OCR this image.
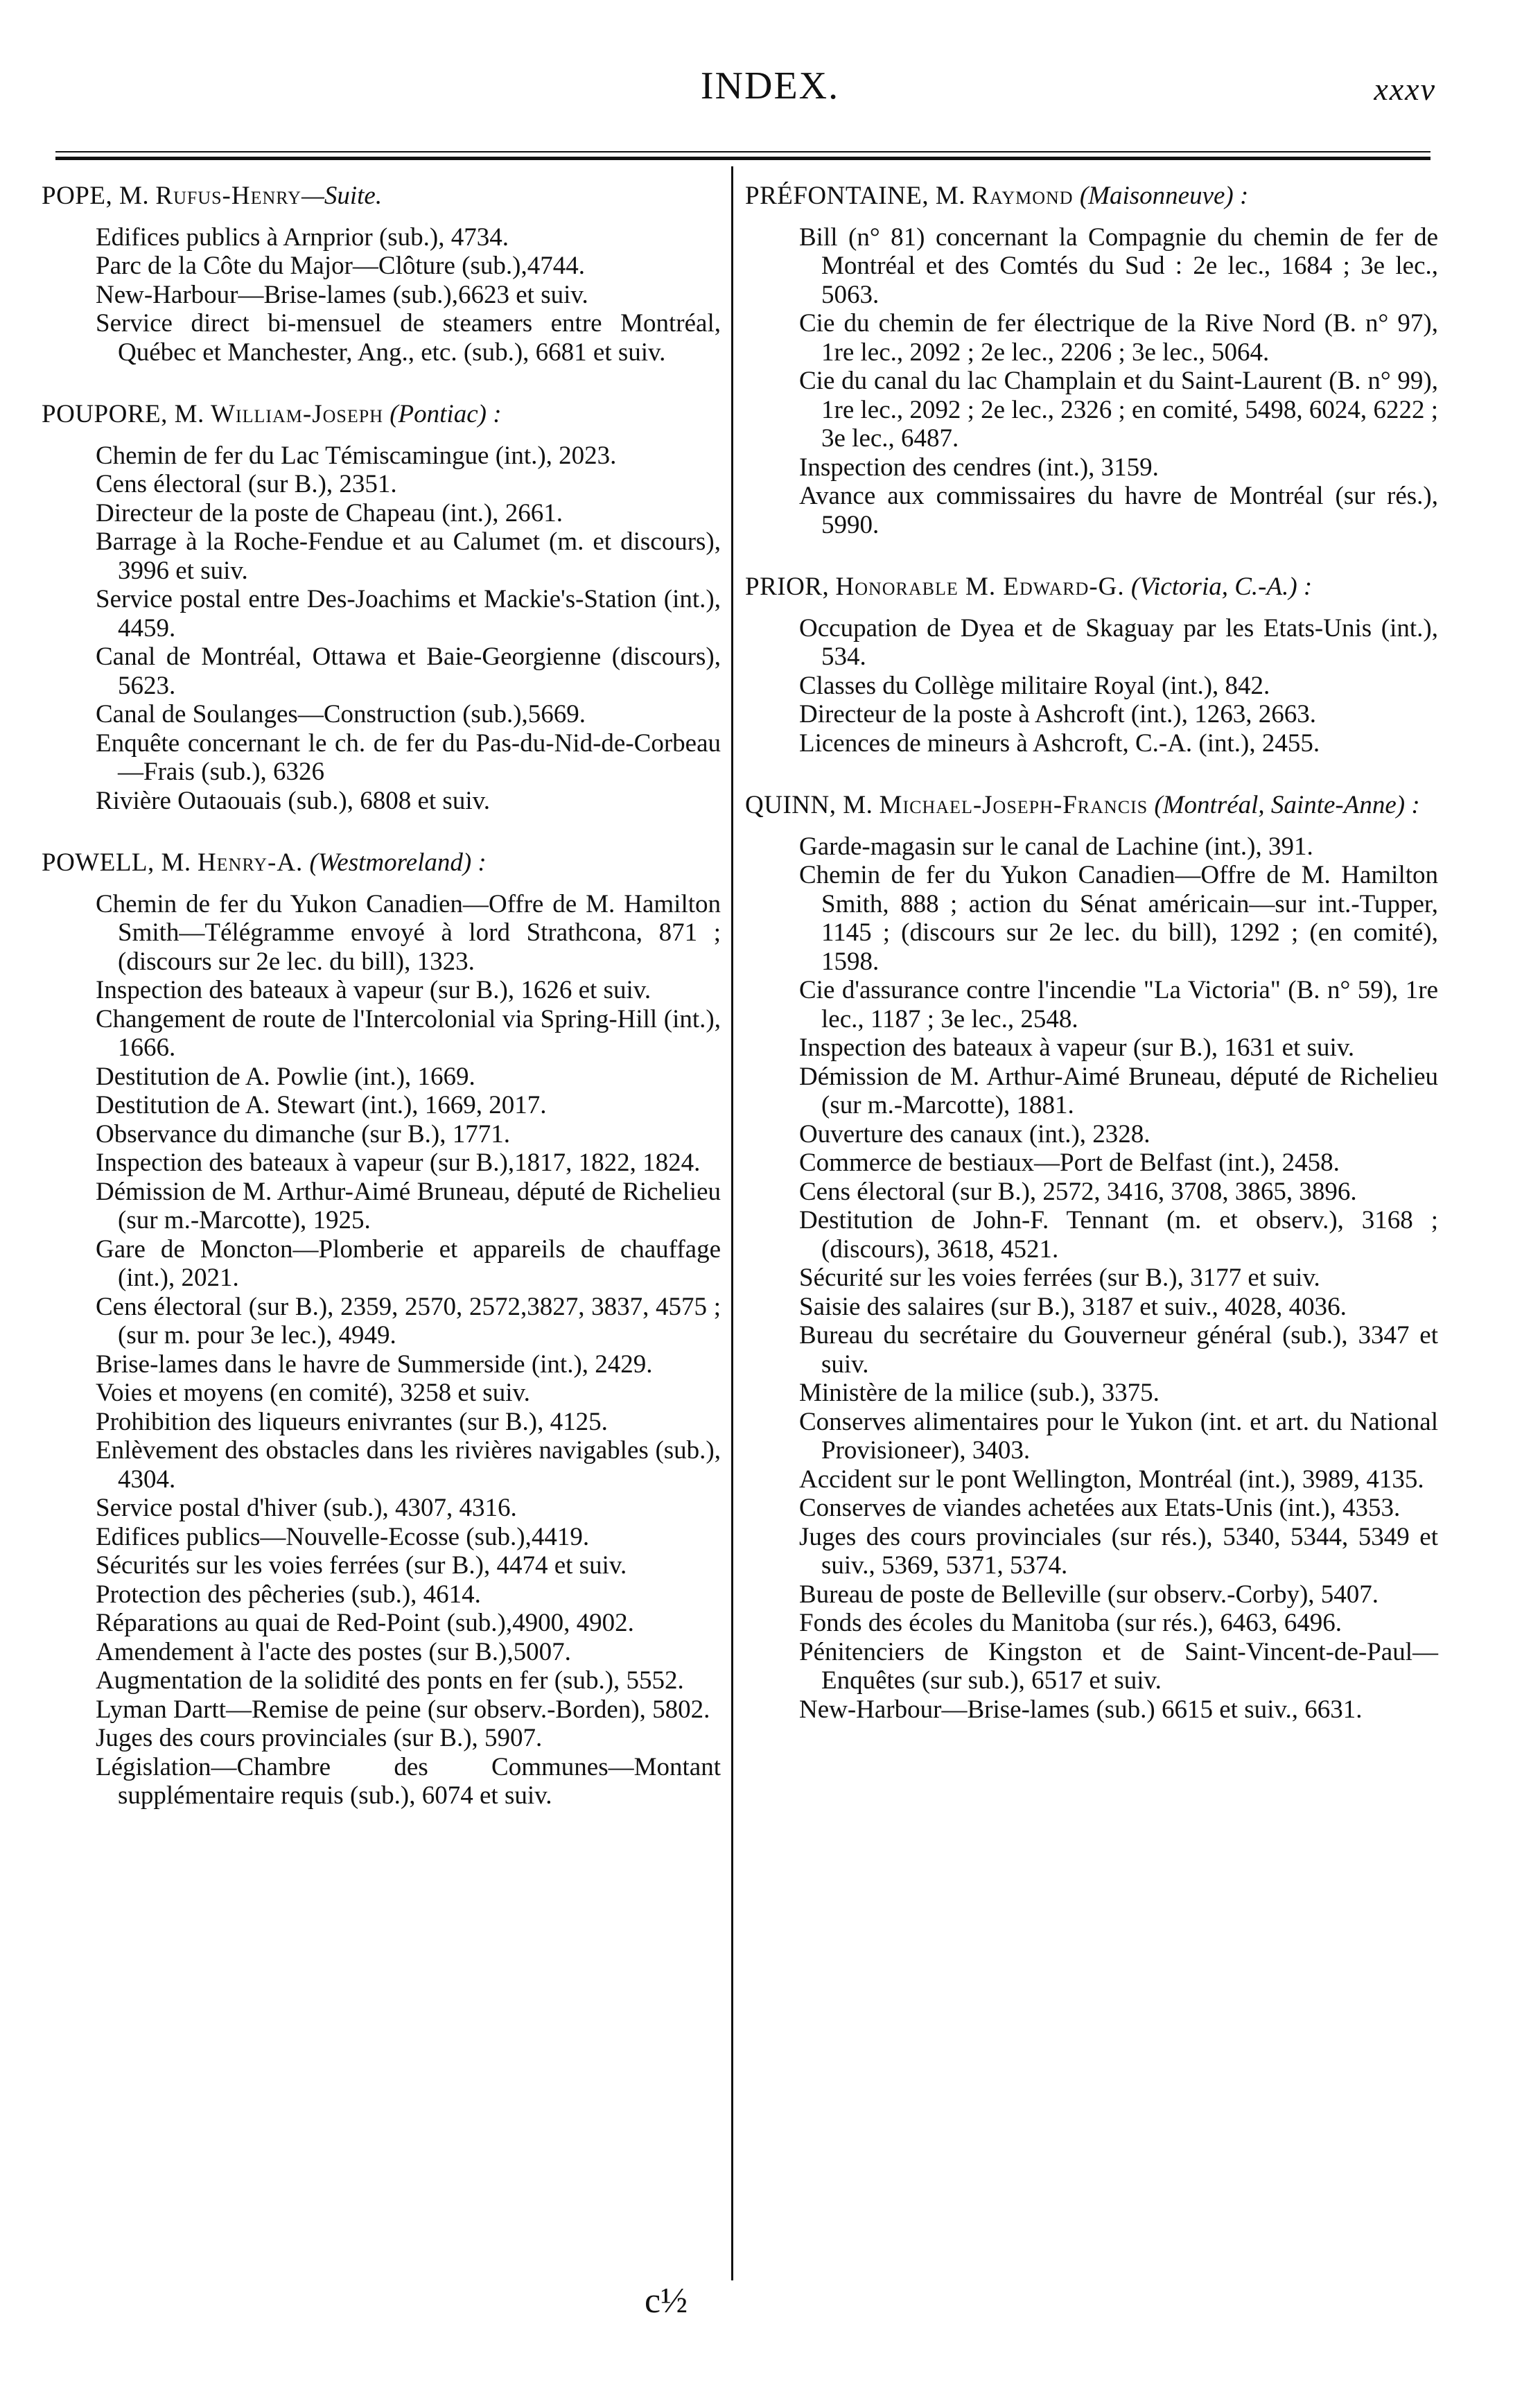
INDEX.	xxxv
POPE, M. Rufus-Henry—Suite.
Edifices publics à Arnprior (sub.), 4734.
Parc de la Côte du Major—Clôture (sub.),4744.
New-Harbour—Brise-lames (sub.),6623 et suiv.
Service direct bi-mensuel de steamers entre Montréal, Québec et Manchester, Ang., etc. (sub.), 6681 et suiv.
POUPORE, M. William-Joseph (Pontiac) :
Chemin de fer du Lac Témiscamingue (int.), 2023.
Cens électoral (sur B.), 2351.
Directeur de la poste de Chapeau (int.), 2661.
Barrage à la Roche-Fendue et au Calumet (m. et discours), 3996 et suiv.
Service postal entre Des-Joachims et Mackie's-Station (int.), 4459.
Canal de Montréal, Ottawa et Baie-Georgienne (discours), 5623.
Canal de Soulanges—Construction (sub.),5669.
Enquête concernant le ch. de fer du Pas-du-Nid-de-Corbeau—Frais (sub.), 6326
Rivière Outaouais (sub.), 6808 et suiv.
POWELL, M. Henry-A. (Westmoreland) :
Chemin de fer du Yukon Canadien—Offre de M. Hamilton Smith—Télégramme envoyé à lord Strathcona, 871 ; (discours sur 2e lec. du bill), 1323.
Inspection des bateaux à vapeur (sur B.), 1626 et suiv.
Changement de route de l'Intercolonial via Spring-Hill (int.), 1666.
Destitution de A. Powlie (int.), 1669.
Destitution de A. Stewart (int.), 1669, 2017.
Observance du dimanche (sur B.), 1771.
Inspection des bateaux à vapeur (sur B.),1817, 1822, 1824.
Démission de M. Arthur-Aimé Bruneau, député de Richelieu (sur m.-Marcotte), 1925.
Gare de Moncton—Plomberie et appareils de chauffage (int.), 2021.
Cens électoral (sur B.), 2359, 2570, 2572,3827, 3837, 4575 ; (sur m. pour 3e lec.), 4949.
Brise-lames dans le havre de Summerside (int.), 2429.
Voies et moyens (en comité), 3258 et suiv.
Prohibition des liqueurs enivrantes (sur B.), 4125.
Enlèvement des obstacles dans les rivières navigables (sub.), 4304.
Service postal d'hiver (sub.), 4307, 4316.
Edifices publics—Nouvelle-Ecosse (sub.),4419.
Sécurités sur les voies ferrées (sur B.), 4474 et suiv.
Protection des pêcheries (sub.), 4614.
Réparations au quai de Red-Point (sub.),4900, 4902.
Amendement à l'acte des postes (sur B.),5007.
Augmentation de la solidité des ponts en fer (sub.), 5552.
Lyman Dartt—Remise de peine (sur observ.-Borden), 5802.
Juges des cours provinciales (sur B.), 5907.
Législation—Chambre des Communes—Montant supplémentaire requis (sub.), 6074 et suiv.
PRÉFONTAINE, M. Raymond (Maisonneuve) :
Bill (n° 81) concernant la Compagnie du chemin de fer de Montréal et des Comtés du Sud : 2e lec., 1684 ; 3e lec., 5063.
Cie du chemin de fer électrique de la Rive Nord (B. n° 97), 1re lec., 2092 ; 2e lec., 2206 ; 3e lec., 5064.
Cie du canal du lac Champlain et du Saint-Laurent (B. n° 99), 1re lec., 2092 ; 2e lec., 2326 ; en comité, 5498, 6024, 6222 ; 3e lec., 6487.
Inspection des cendres (int.), 3159.
Avance aux commissaires du havre de Montréal (sur rés.), 5990.
PRIOR, Honorable M. Edward-G. (Victoria, C.-A.) :
Occupation de Dyea et de Skaguay par les Etats-Unis (int.), 534.
Classes du Collège militaire Royal (int.), 842.
Directeur de la poste à Ashcroft (int.), 1263, 2663.
Licences de mineurs à Ashcroft, C.-A. (int.), 2455.
QUINN, M. Michael-Joseph-Francis (Montréal, Sainte-Anne) :
Garde-magasin sur le canal de Lachine (int.), 391.
Chemin de fer du Yukon Canadien—Offre de M. Hamilton Smith, 888 ; action du Sénat américain—sur int.-Tupper, 1145 ; (discours sur 2e lec. du bill), 1292 ; (en comité), 1598.
Cie d'assurance contre l'incendie "La Victoria" (B. n° 59), 1re lec., 1187 ; 3e lec., 2548.
Inspection des bateaux à vapeur (sur B.), 1631 et suiv.
Démission de M. Arthur-Aimé Bruneau, député de Richelieu (sur m.-Marcotte), 1881.
Ouverture des canaux (int.), 2328.
Commerce de bestiaux—Port de Belfast (int.), 2458.
Cens électoral (sur B.), 2572, 3416, 3708, 3865, 3896.
Destitution de John-F. Tennant (m. et observ.), 3168 ; (discours), 3618, 4521.
Sécurité sur les voies ferrées (sur B.), 3177 et suiv.
Saisie des salaires (sur B.), 3187 et suiv., 4028, 4036.
Bureau du secrétaire du Gouverneur général (sub.), 3347 et suiv.
Ministère de la milice (sub.), 3375.
Conserves alimentaires pour le Yukon (int. et art. du National Provisioneer), 3403.
Accident sur le pont Wellington, Montréal (int.), 3989, 4135.
Conserves de viandes achetées aux Etats-Unis (int.), 4353.
Juges des cours provinciales (sur rés.), 5340, 5344, 5349 et suiv., 5369, 5371, 5374.
Bureau de poste de Belleville (sur observ.-Corby), 5407.
Fonds des écoles du Manitoba (sur rés.), 6463, 6496.
Pénitenciers de Kingston et de Saint-Vincent-de-Paul—Enquêtes (sur sub.), 6517 et suiv.
New-Harbour—Brise-lames (sub.) 6615 et suiv., 6631.
c½
